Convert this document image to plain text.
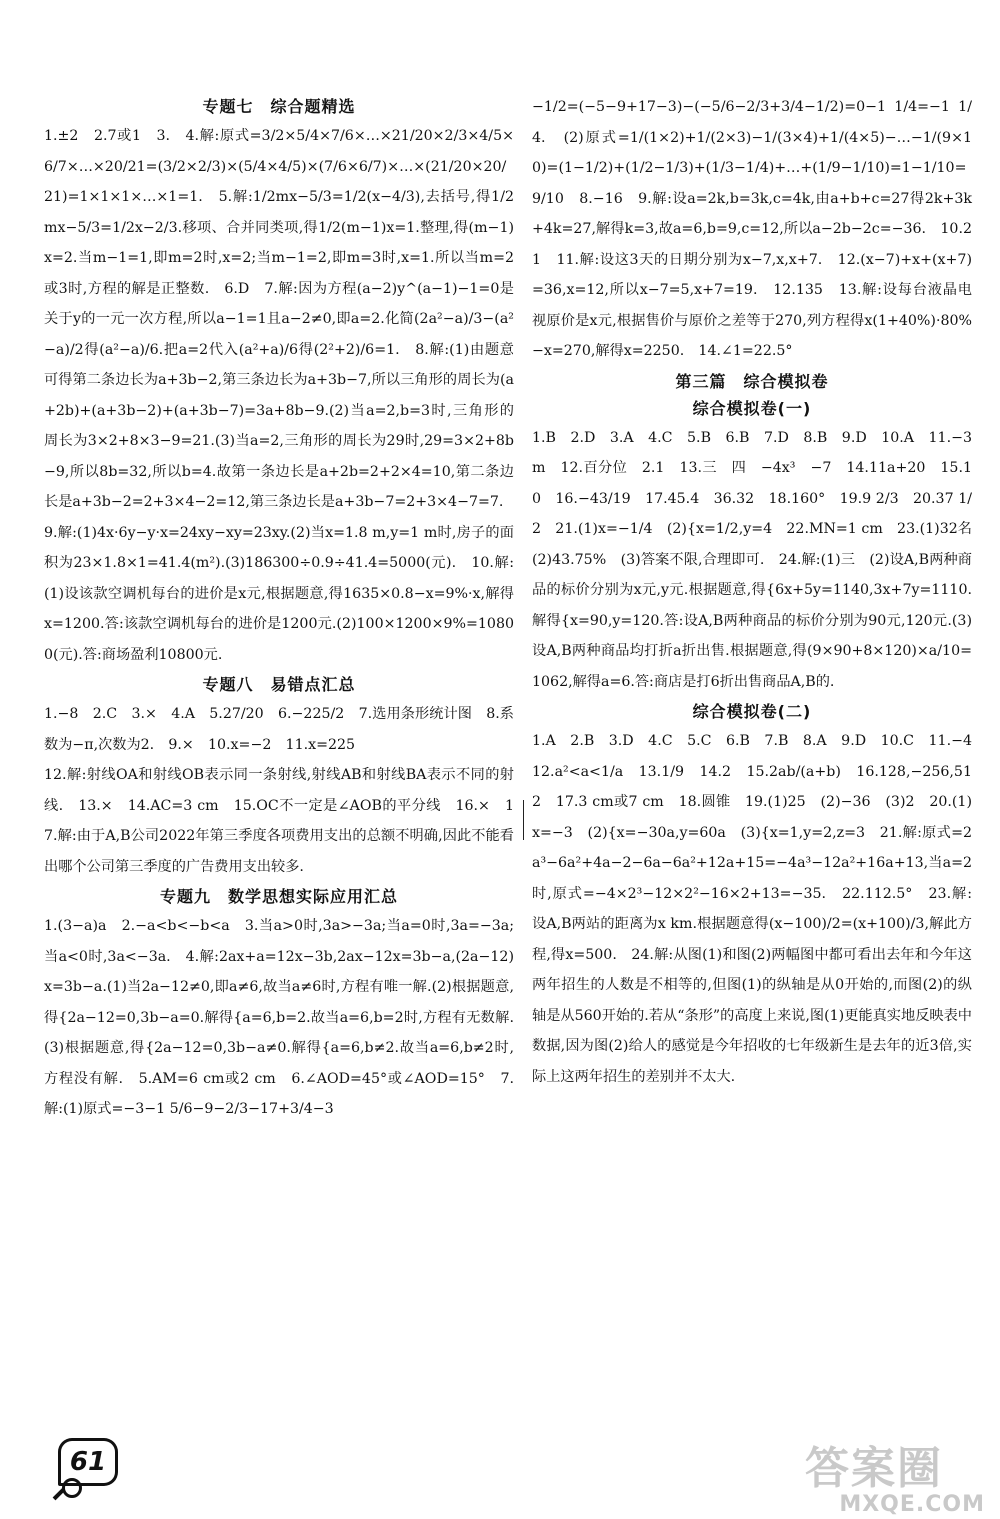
专题七　综合题精选

1.±2　2.7或1　3.　4.解:原式=3/2×5/4×7/6×…×21/20×2/3×4/5×6/7×…×20/21=(3/2×2/3)×(5/4×4/5)×(7/6×6/7)×…×(21/20×20/21)=1×1×1×…×1=1.　5.解:1/2mx−5/3=1/2(x−4/3),去括号,得1/2mx−5/3=1/2x−2/3.移项、合并同类项,得1/2(m−1)x=1.整理,得(m−1)x=2.当m−1=1,即m=2时,x=2;当m−1=2,即m=3时,x=1.所以当m=2或3时,方程的解是正整数.　6.D　7.解:因为方程(a−2)y^(a−1)−1=0是关于y的一元一次方程,所以a−1=1且a−2≠0,即a=2.化简(2a²−a)/3−(a²−a)/2得(a²−a)/6.把a=2代入(a²+a)/6得(2²+2)/6=1.　8.解:(1)由题意可得第二条边长为a+3b−2,第三条边长为a+3b−7,所以三角形的周长为(a+2b)+(a+3b−2)+(a+3b−7)=3a+8b−9.(2)当a=2,b=3时,三角形的周长为3×2+8×3−9=21.(3)当a=2,三角形的周长为29时,29=3×2+8b−9,所以8b=32,所以b=4.故第一条边长是a+2b=2+2×4=10,第二条边长是a+3b−2=2+3×4−2=12,第三条边长是a+3b−7=2+3×4−7=7.

9.解:(1)4x·6y−y·x=24xy−xy=23xy.(2)当x=1.8 m,y=1 m时,房子的面积为23×1.8×1=41.4(m²).(3)186300÷0.9÷41.4=5000(元).　10.解:(1)设该款空调机每台的进价是x元,根据题意,得1635×0.8−x=9%·x,解得x=1200.答:该款空调机每台的进价是1200元.(2)100×1200×9%=10800(元).答:商场盈利10800元.

专题八　易错点汇总

1.−8　2.C　3.×　4.A　5.27/20　6.−225/2　7.选用条形统计图　8.系数为−π,次数为2.　9.×　10.x=−2　11.x=225

12.解:射线OA和射线OB表示同一条射线,射线AB和射线BA表示不同的射线.　13.×　14.AC=3 cm　15.OC不一定是∠AOB的平分线　16.×　17.解:由于A,B公司2022年第三季度各项费用支出的总额不明确,因此不能看出哪个公司第三季度的广告费用支出较多.

专题九　数学思想实际应用汇总

1.(3−a)a　2.−a<b<−b<a　3.当a>0时,3a>−3a;当a=0时,3a=−3a;当a<0时,3a<−3a.　4.解:2ax+a=12x−3b,2ax−12x=3b−a,(2a−12)x=3b−a.(1)当2a−12≠0,即a≠6,故当a≠6时,方程有唯一解.(2)根据题意,得{2a−12=0,3b−a=0.解得{a=6,b=2.故当a=6,b=2时,方程有无数解.(3)根据题意,得{2a−12=0,3b−a≠0.解得{a=6,b≠2.故当a=6,b≠2时,方程没有解.　5.AM=6 cm或2 cm　6.∠AOD=45°或∠AOD=15°　7.解:(1)原式=−3−1 5/6−9−2/3−17+3/4−3

−1/2=(−5−9+17−3)−(−5/6−2/3+3/4−1/2)=0−1 1/4=−1 1/4.　(2)原式=1/(1×2)+1/(2×3)−1/(3×4)+1/(4×5)−…−1/(9×10)=(1−1/2)+(1/2−1/3)+(1/3−1/4)+…+(1/9−1/10)=1−1/10=9/10　8.−16　9.解:设a=2k,b=3k,c=4k,由a+b+c=27得2k+3k+4k=27,解得k=3,故a=6,b=9,c=12,所以a−2b−2c=−36.　10.21　11.解:设这3天的日期分别为x−7,x,x+7.　12.(x−7)+x+(x+7)=36,x=12,所以x−7=5,x+7=19.　12.135　13.解:设每台液晶电视原价是x元,根据售价与原价之差等于270,列方程得x(1+40%)·80%−x=270,解得x=2250.　14.∠1=22.5°

第三篇　综合模拟卷
综合模拟卷(一)

1.B　2.D　3.A　4.C　5.B　6.B　7.D　8.B　9.D　10.A　11.−3 m　12.百分位　2.1　13.三　四　−4x³　−7　14.11a+20　15.10　16.−43/19　17.45.4　36.32　18.160°　19.9 2/3　20.37 1/2　21.(1)x=−1/4　(2){x=1/2,y=4　22.MN=1 cm　23.(1)32名　(2)43.75%　(3)答案不限,合理即可.　24.解:(1)三　(2)设A,B两种商品的标价分别为x元,y元.根据题意,得{6x+5y=1140,3x+7y=1110.解得{x=90,y=120.答:设A,B两种商品的标价分别为90元,120元.(3)设A,B两种商品均打折a折出售.根据题意,得(9×90+8×120)×a/10=1062,解得a=6.答:商店是打6折出售商品A,B的.

综合模拟卷(二)

1.A　2.B　3.D　4.C　5.C　6.B　7.B　8.A　9.D　10.C　11.−4　12.a²<a<1/a　13.1/9　14.2　15.2ab/(a+b)　16.128,−256,512　17.3 cm或7 cm　18.圆锥　19.(1)25　(2)−36　(3)2　20.(1)x=−3　(2){x=−30a,y=60a　(3){x=1,y=2,z=3　21.解:原式=2a³−6a²+4a−2−6a−6a²+12a+15=−4a³−12a²+16a+13,当a=2时,原式=−4×2³−12×2²−16×2+13=−35.　22.112.5°　23.解:设A,B两站的距离为x km.根据题意得(x−100)/2=(x+100)/3,解此方程,得x=500.　24.解:从图(1)和图(2)两幅图中都可看出去年和今年这两年招生的人数是不相等的,但图(1)的纵轴是从0开始的,而图(2)的纵轴是从560开始的.若从“条形”的高度上来说,图(1)更能真实地反映表中数据,因为图(2)给人的感觉是今年招收的七年级新生是去年的近3倍,实际上这两年招生的差别并不太大.

61	答案圈
MXQE.COM
